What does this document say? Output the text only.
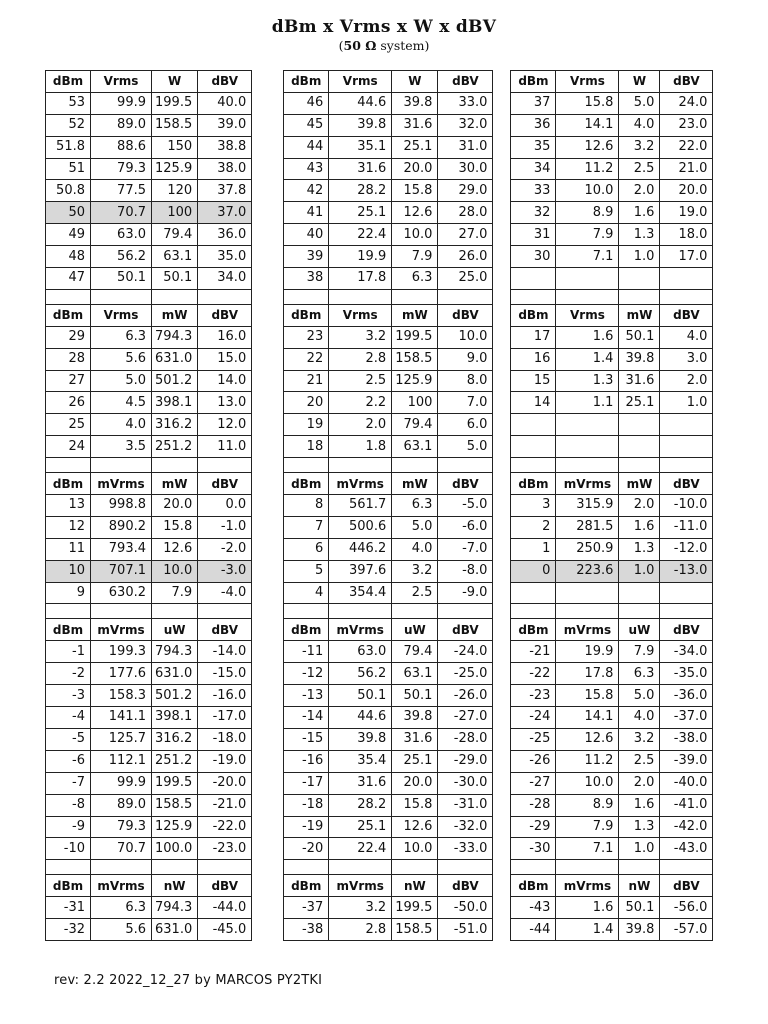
dBm x Vrms x W x dBV
(50 Ω system)
dBm	Vrms	W	dBV		dBm	Vrms	W	dBV		dBm	Vrms	W	dBV
53	99.9	199.5	40.0		46	44.6	39.8	33.0		37	15.8	5.0	24.0
52	89.0	158.5	39.0		45	39.8	31.6	32.0		36	14.1	4.0	23.0
51.8	88.6	150	38.8		44	35.1	25.1	31.0		35	12.6	3.2	22.0
51	79.3	125.9	38.0		43	31.6	20.0	30.0		34	11.2	2.5	21.0
50.8	77.5	120	37.8		42	28.2	15.8	29.0		33	10.0	2.0	20.0
50	70.7	100	37.0		41	25.1	12.6	28.0		32	8.9	1.6	19.0
49	63.0	79.4	36.0		40	22.4	10.0	27.0		31	7.9	1.3	18.0
48	56.2	63.1	35.0		39	19.9	7.9	26.0		30	7.1	1.0	17.0
47	50.1	50.1	34.0		38	17.8	6.3	25.0					

dBm	Vrms	mW	dBV		dBm	Vrms	mW	dBV		dBm	Vrms	mW	dBV
29	6.3	794.3	16.0		23	3.2	199.5	10.0		17	1.6	50.1	4.0
28	5.6	631.0	15.0		22	2.8	158.5	9.0		16	1.4	39.8	3.0
27	5.0	501.2	14.0		21	2.5	125.9	8.0		15	1.3	31.6	2.0
26	4.5	398.1	13.0		20	2.2	100	7.0		14	1.1	25.1	1.0
25	4.0	316.2	12.0		19	2.0	79.4	6.0					
24	3.5	251.2	11.0		18	1.8	63.1	5.0					

dBm	mVrms	mW	dBV		dBm	mVrms	mW	dBV		dBm	mVrms	mW	dBV
13	998.8	20.0	0.0		8	561.7	6.3	-5.0		3	315.9	2.0	-10.0
12	890.2	15.8	-1.0		7	500.6	5.0	-6.0		2	281.5	1.6	-11.0
11	793.4	12.6	-2.0		6	446.2	4.0	-7.0		1	250.9	1.3	-12.0
10	707.1	10.0	-3.0		5	397.6	3.2	-8.0		0	223.6	1.0	-13.0
9	630.2	7.9	-4.0		4	354.4	2.5	-9.0					

dBm	mVrms	uW	dBV		dBm	mVrms	uW	dBV		dBm	mVrms	uW	dBV
-1	199.3	794.3	-14.0		-11	63.0	79.4	-24.0		-21	19.9	7.9	-34.0
-2	177.6	631.0	-15.0		-12	56.2	63.1	-25.0		-22	17.8	6.3	-35.0
-3	158.3	501.2	-16.0		-13	50.1	50.1	-26.0		-23	15.8	5.0	-36.0
-4	141.1	398.1	-17.0		-14	44.6	39.8	-27.0		-24	14.1	4.0	-37.0
-5	125.7	316.2	-18.0		-15	39.8	31.6	-28.0		-25	12.6	3.2	-38.0
-6	112.1	251.2	-19.0		-16	35.4	25.1	-29.0		-26	11.2	2.5	-39.0
-7	99.9	199.5	-20.0		-17	31.6	20.0	-30.0		-27	10.0	2.0	-40.0
-8	89.0	158.5	-21.0		-18	28.2	15.8	-31.0		-28	8.9	1.6	-41.0
-9	79.3	125.9	-22.0		-19	25.1	12.6	-32.0		-29	7.9	1.3	-42.0
-10	70.7	100.0	-23.0		-20	22.4	10.0	-33.0		-30	7.1	1.0	-43.0

dBm	mVrms	nW	dBV		dBm	mVrms	nW	dBV		dBm	mVrms	nW	dBV
-31	6.3	794.3	-44.0		-37	3.2	199.5	-50.0		-43	1.6	50.1	-56.0
-32	5.6	631.0	-45.0		-38	2.8	158.5	-51.0		-44	1.4	39.8	-57.0
rev: 2.2 2022_12_27 by MARCOS PY2TKI
